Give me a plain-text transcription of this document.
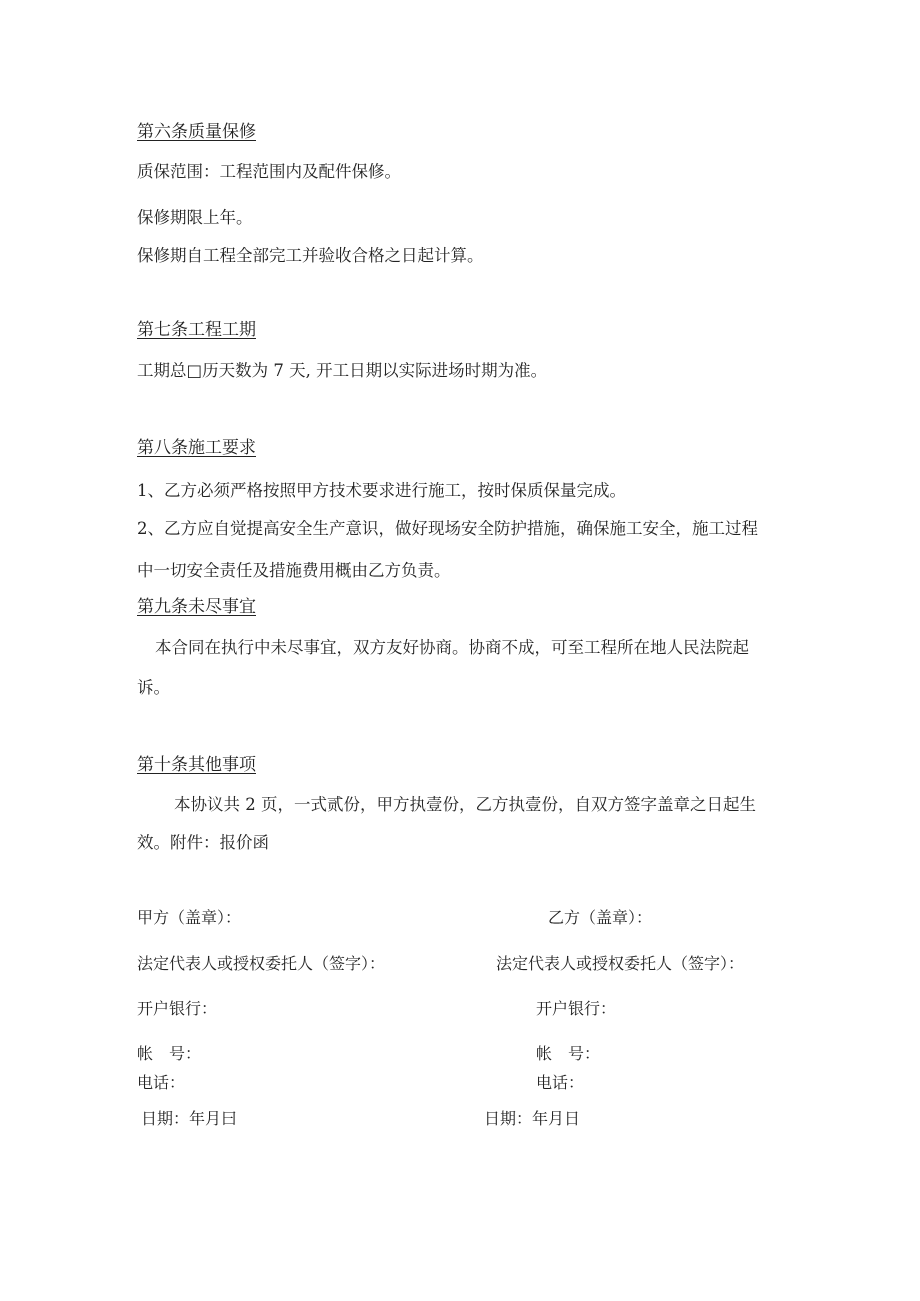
第六条质量保修

质保范围：工程范围内及配件保修。

保修期限上年。

保修期自工程全部完工并验收合格之日起计算。

第七条工程工期

工期总□历天数为 7 天, 开工日期以实际进场时期为准。

第八条施工要求

1、乙方必须严格按照甲方技术要求进行施工，按时保质保量完成。

2、乙方应自觉提高安全生产意识，做好现场安全防护措施，确保施工安全，施工过程

中一切安全责任及措施费用概由乙方负责。

第九条未尽事宜

本合同在执行中未尽事宜，双方友好协商。协商不成，可至工程所在地人民法院起

诉。

第十条其他事项

本协议共 2 页，一式贰份，甲方执壹份，乙方执壹份，自双方签字盖章之日起生

效。附件：报价函

甲方（盖章）：

法定代表人或授权委托人（签字）：

开户银行：

帐　号：

电话：

日期：年月曰

乙方（盖章）：

法定代表人或授权委托人（签字）：

开户银行：

帐　号：

电话：

日期：年月日
